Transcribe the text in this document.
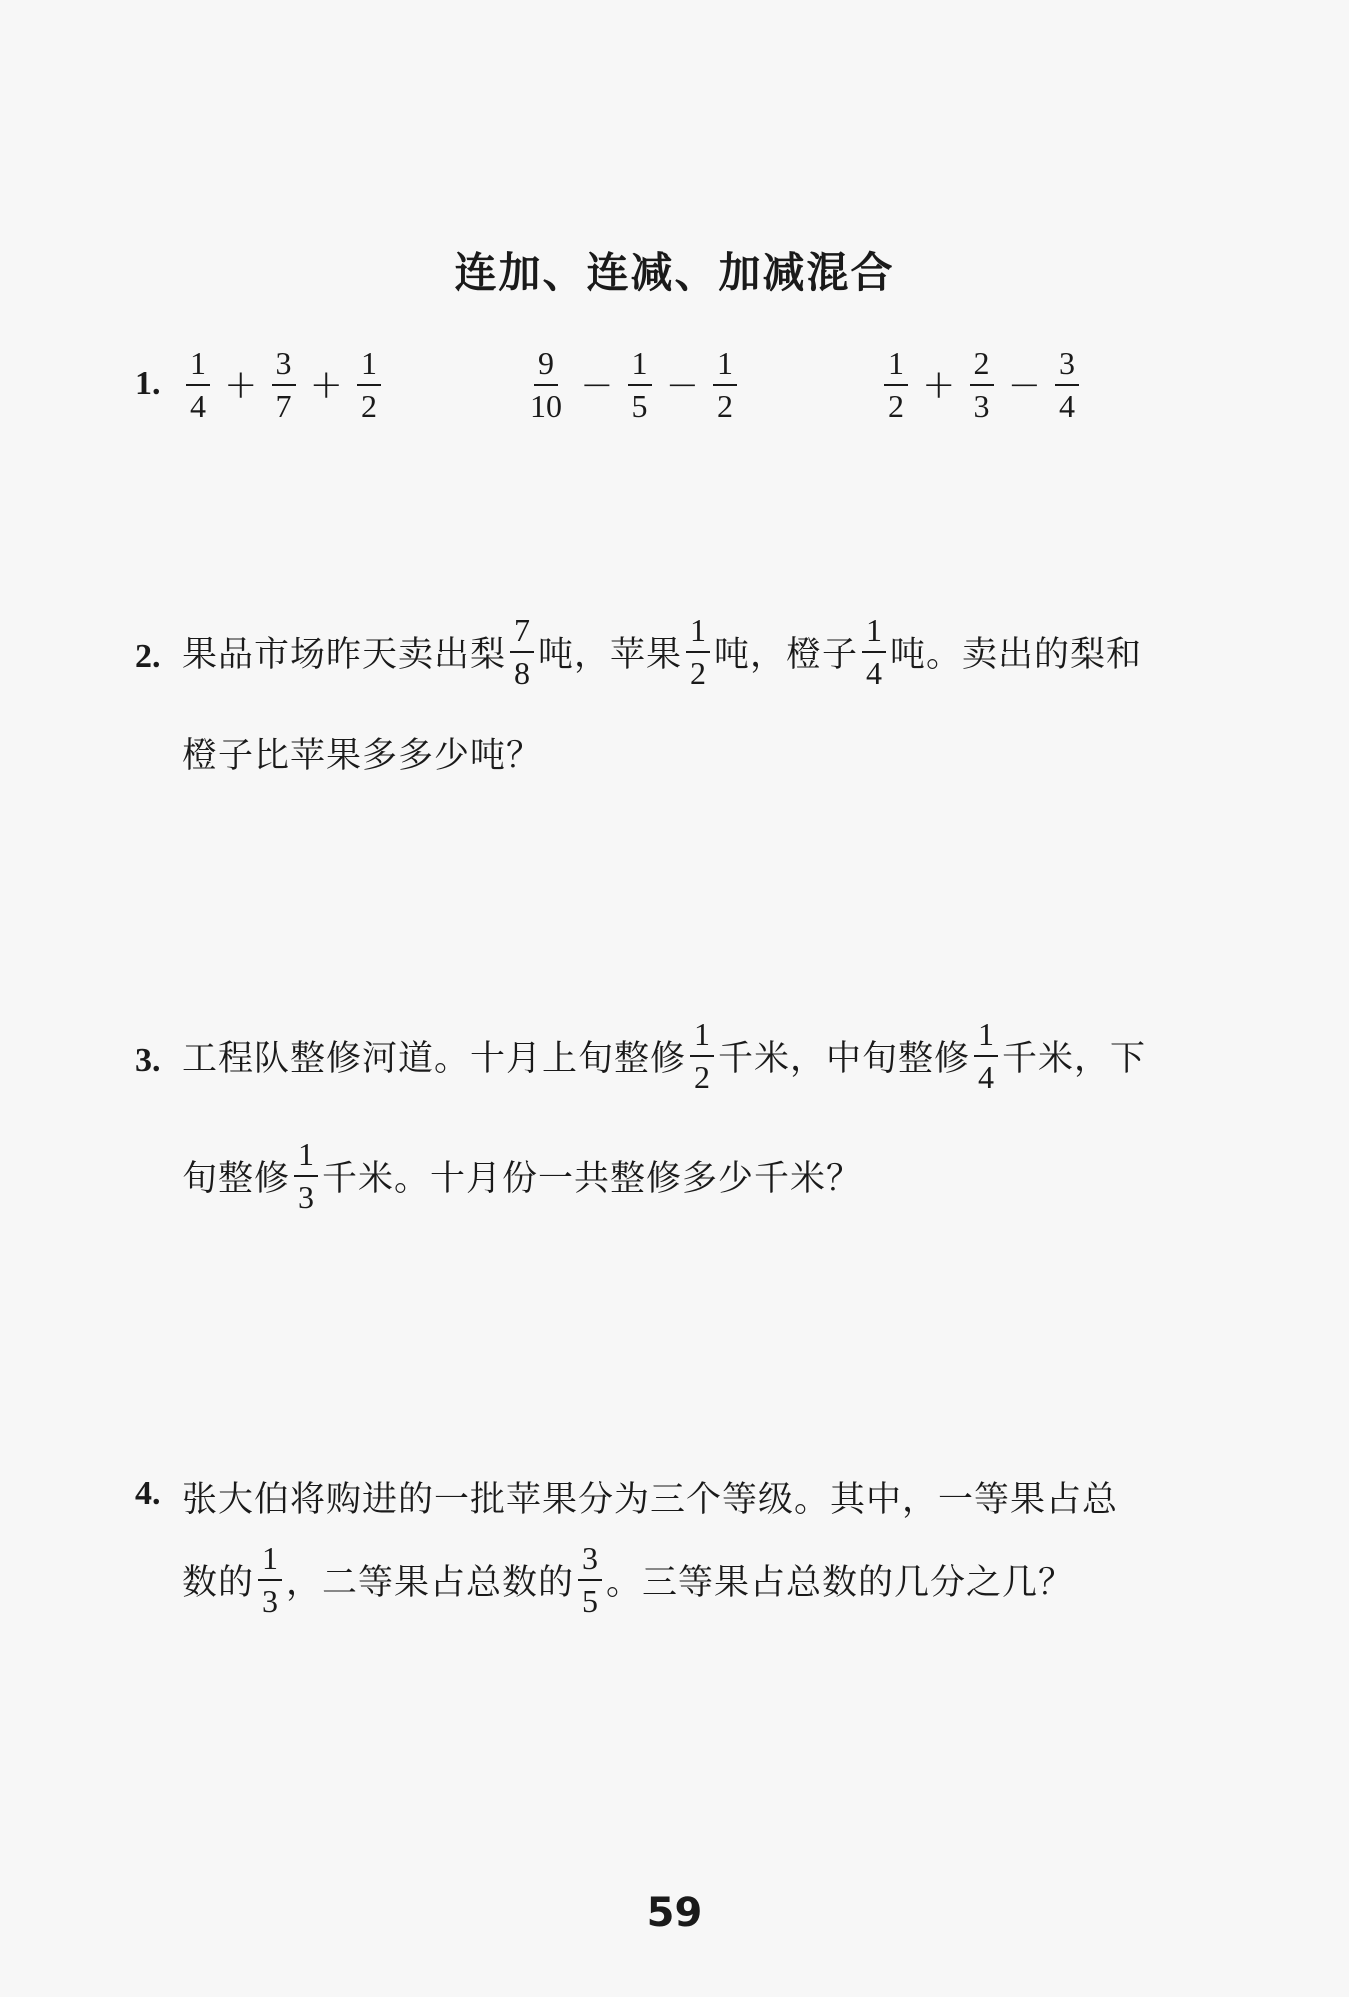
连加、连减、加减混合
1. $\frac{1}{4} + \frac{3}{7} + \frac{1}{2}$	$\frac{9}{10} - \frac{1}{5} - \frac{1}{2}$	$\frac{1}{2} + \frac{2}{3} - \frac{3}{4}$
2. 果品市场昨天卖出梨 $\frac{7}{8}$ 吨，苹果 $\frac{1}{2}$ 吨，橙子 $\frac{1}{4}$ 吨。卖出的梨和
橙子比苹果多多少吨？
3. 工程队整修河道。十月上旬整修 $\frac{1}{2}$ 千米，中旬整修 $\frac{1}{4}$ 千米，下
旬整修 $\frac{1}{3}$ 千米。十月份一共整修多少千米？
4. 张大伯将购进的一批苹果分为三个等级。其中，一等果占总
数的 $\frac{1}{3}$ ，二等果占总数的 $\frac{3}{5}$ 。三等果占总数的几分之几？
59
